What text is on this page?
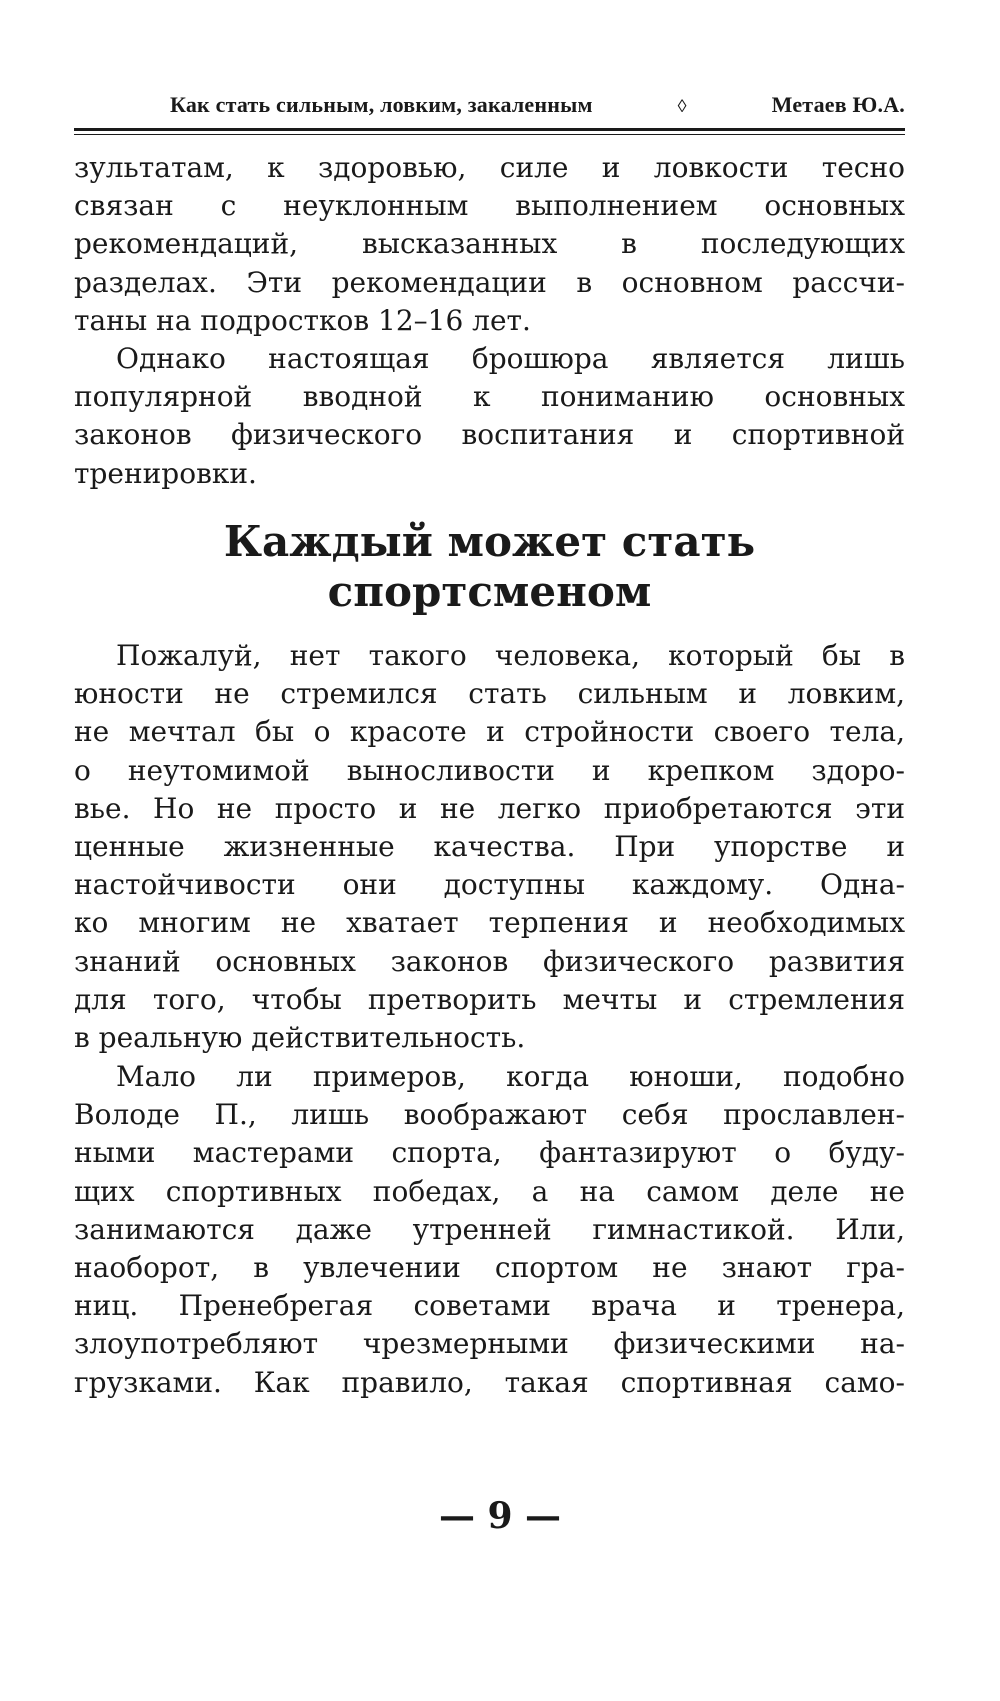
Как стать сильным, ловким, закаленным	◊	Метаев Ю.А.
зультатам, к здоровью, силе и ловкости тесно
связан с неуклонным выполнением основных
рекомендаций, высказанных в последующих
разделах. Эти рекомендации в основном рассчи-
таны на подростков 12–16 лет.
Однако настоящая брошюра является лишь
популярной вводной к пониманию основных
законов физического воспитания и спортивной
тренировки.
Каждый может стать
спортсменом
Пожалуй, нет такого человека, который бы в
юности не стремился стать сильным и ловким,
не мечтал бы о красоте и стройности своего тела,
о неутомимой выносливости и крепком здоро-
вье. Но не просто и не легко приобретаются эти
ценные жизненные качества. При упорстве и
настойчивости они доступны каждому. Одна-
ко многим не хватает терпения и необходимых
знаний основных законов физического развития
для того, чтобы претворить мечты и стремления
в реальную действительность.
Мало ли примеров, когда юноши, подобно
Володе П., лишь воображают себя прославлен-
ными мастерами спорта, фантазируют о буду-
щих спортивных победах, а на самом деле не
занимаются даже утренней гимнастикой. Или,
наоборот, в увлечении спортом не знают гра-
ниц. Пренебрегая советами врача и тренера,
злоупотребляют чрезмерными физическими на-
грузками. Как правило, такая спортивная само-
— 9 —
